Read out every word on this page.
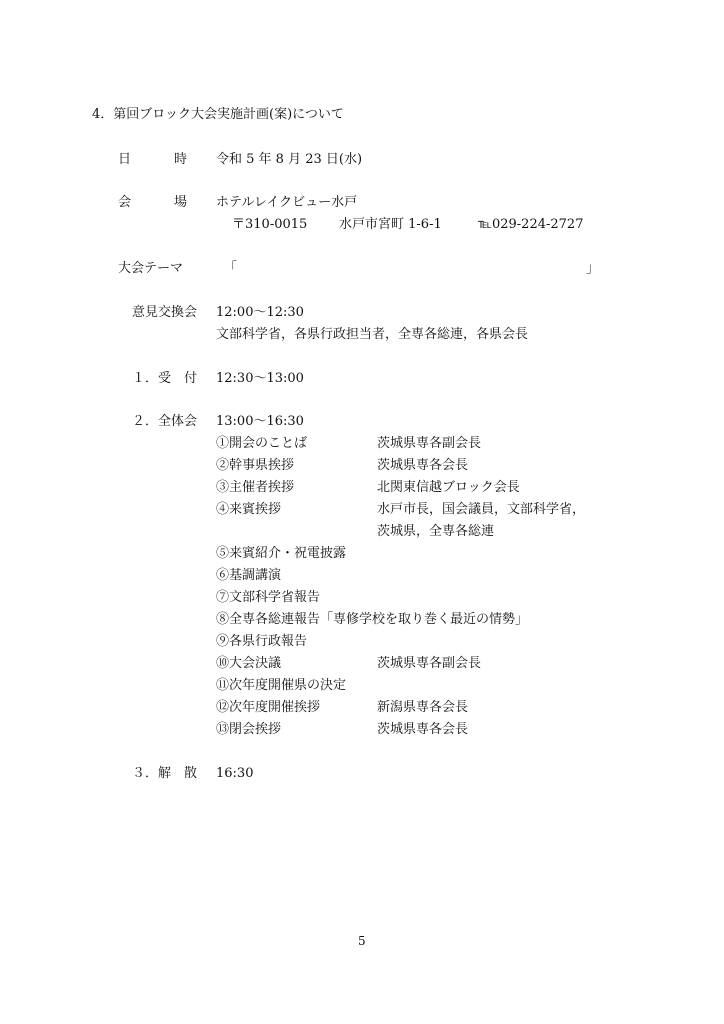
4．第回ブロック大会実施計画(案)について
日	時 令和 5 年 8 月 23 日(水)
会	場 ホテルレイクビュー水戸
〒310-0015 水戸市宮町 1-6-1	℡029-224-2727
大会テーマ	「	」
意見交換会 12:00～12:30
文部科学省，各県行政担当者，全専各総連，各県会長
１．受　付 12:30～13:00
２．全体会 13:00～16:30
①開会のことば	茨城県専各副会長
②幹事県挨拶	茨城県専各会長
③主催者挨拶	北関東信越ブロック会長
④来賓挨拶	水戸市長，国会議員，文部科学省，
茨城県，全専各総連
⑤来賓紹介・祝電披露
⑥基調講演
⑦文部科学省報告
⑧全専各総連報告「専修学校を取り巻く最近の情勢」
⑨各県行政報告
⑩大会決議	茨城県専各副会長
⑪次年度開催県の決定
⑫次年度開催挨拶	新潟県専各会長
⑬閉会挨拶	茨城県専各会長
３．解　散 16:30
5
